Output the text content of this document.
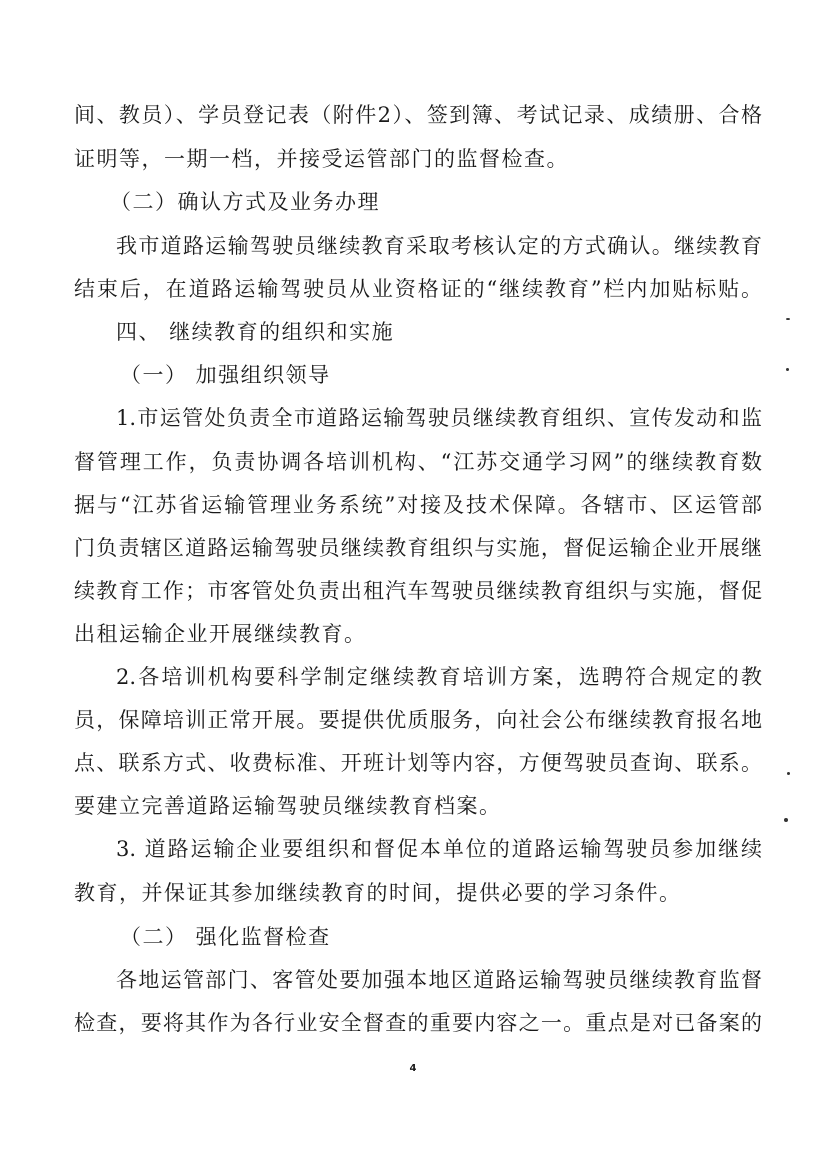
间、教员）、学员登记表（附件2）、签到簿、考试记录、成绩册、合格
证明等，一期一档，并接受运管部门的监督检查。
（二）确认方式及业务办理
我市道路运输驾驶员继续教育采取考核认定的方式确认。继续教育
结束后，在道路运输驾驶员从业资格证的“继续教育”栏内加贴标贴。
四、 继续教育的组织和实施
（一） 加强组织领导
1.市运管处负责全市道路运输驾驶员继续教育组织、宣传发动和监
督管理工作，负责协调各培训机构、“江苏交通学习网”的继续教育数
据与“江苏省运输管理业务系统”对接及技术保障。各辖市、区运管部
门负责辖区道路运输驾驶员继续教育组织与实施，督促运输企业开展继
续教育工作；市客管处负责出租汽车驾驶员继续教育组织与实施，督促
出租运输企业开展继续教育。
2.各培训机构要科学制定继续教育培训方案，选聘符合规定的教
员，保障培训正常开展。要提供优质服务，向社会公布继续教育报名地
点、联系方式、收费标准、开班计划等内容，方便驾驶员查询、联系。
要建立完善道路运输驾驶员继续教育档案。
3. 道路运输企业要组织和督促本单位的道路运输驾驶员参加继续
教育，并保证其参加继续教育的时间，提供必要的学习条件。
（二） 强化监督检查
各地运管部门、客管处要加强本地区道路运输驾驶员继续教育监督
检查，要将其作为各行业安全督查的重要内容之一。重点是对已备案的
4
